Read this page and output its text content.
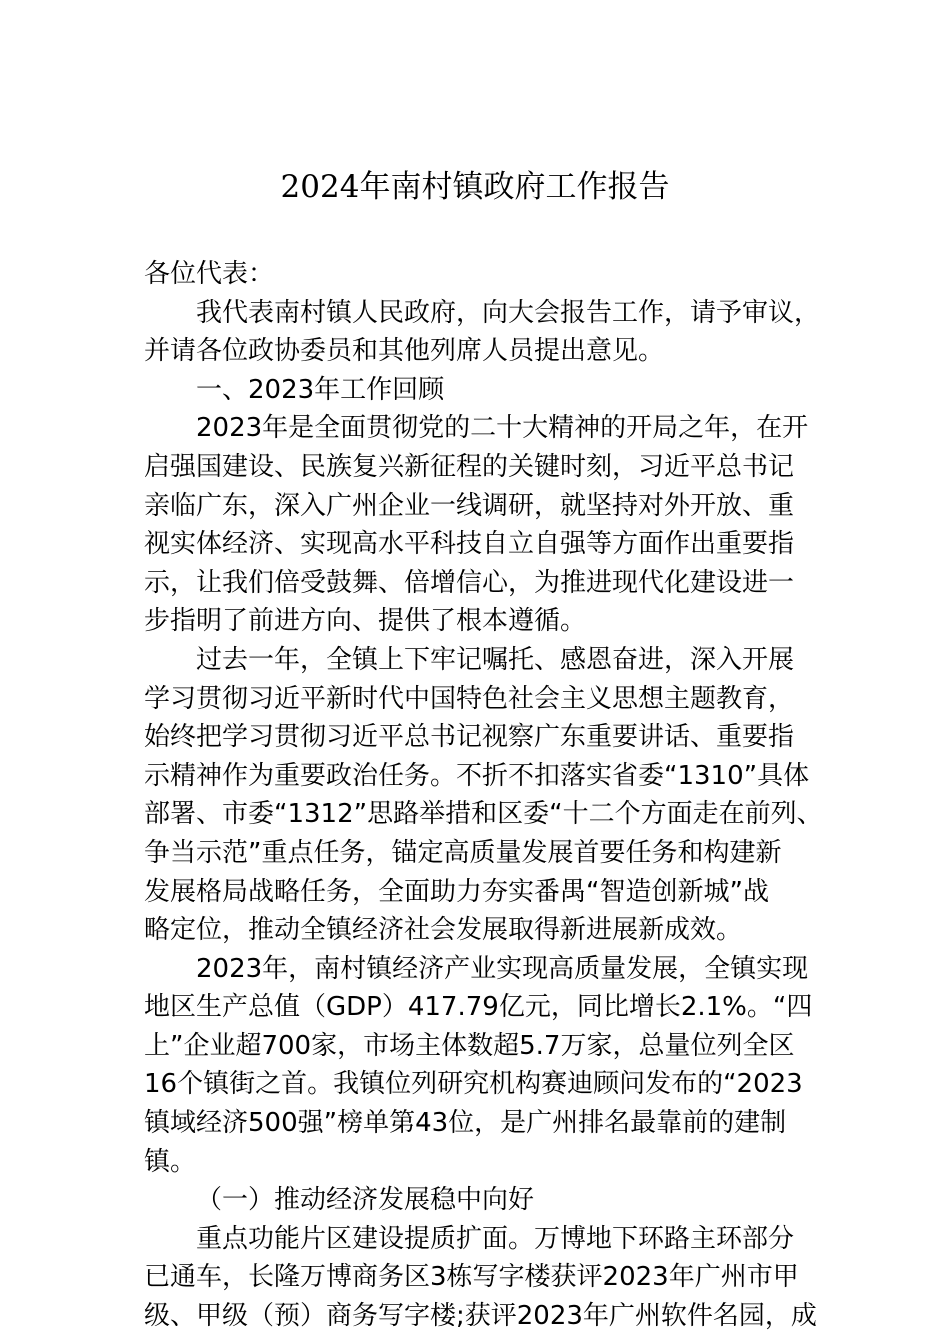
2024年南村镇政府工作报告
各位代表：
我代表南村镇人民政府，向大会报告工作，请予审议，
并请各位政协委员和其他列席人员提出意见。
一、2023年工作回顾
2023年是全面贯彻党的二十大精神的开局之年，在开
启强国建设、民族复兴新征程的关键时刻，习近平总书记
亲临广东，深入广州企业一线调研，就坚持对外开放、重
视实体经济、实现高水平科技自立自强等方面作出重要指
示，让我们倍受鼓舞、倍增信心，为推进现代化建设进一
步指明了前进方向、提供了根本遵循。
过去一年，全镇上下牢记嘱托、感恩奋进，深入开展
学习贯彻习近平新时代中国特色社会主义思想主题教育，
始终把学习贯彻习近平总书记视察广东重要讲话、重要指
示精神作为重要政治任务。不折不扣落实省委“1310”具体
部署、市委“1312”思路举措和区委“十二个方面走在前列、
争当示范”重点任务，锚定高质量发展首要任务和构建新
发展格局战略任务，全面助力夯实番禺“智造创新城”战
略定位，推动全镇经济社会发展取得新进展新成效。
2023年，南村镇经济产业实现高质量发展，全镇实现
地区生产总值（GDP）417.79亿元，同比增长2.1%。“四
上”企业超700家，市场主体数超5.7万家，总量位列全区
16个镇街之首。我镇位列研究机构赛迪顾问发布的“2023
镇域经济500强”榜单第43位，是广州排名最靠前的建制
镇。
（一）推动经济发展稳中向好
重点功能片区建设提质扩面。万博地下环路主环部分
已通车，长隆万博商务区3栋写字楼获评2023年广州市甲
级、甲级（预）商务写字楼;获评2023年广州软件名园，成
